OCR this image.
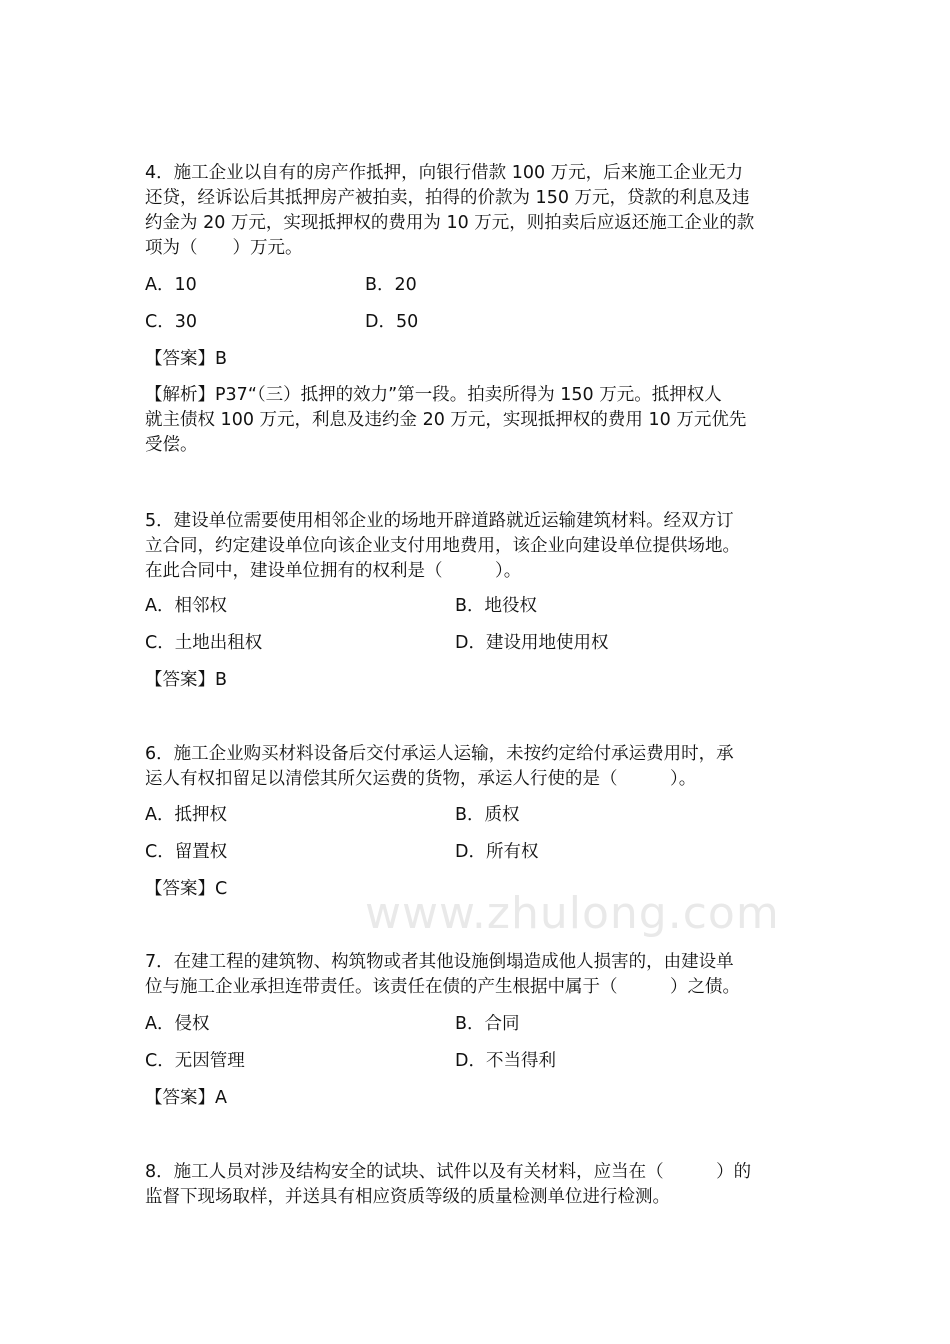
www.zhulong.com
4．施工企业以自有的房产作抵押，向银行借款 100 万元，后来施工企业无力
还贷，经诉讼后其抵押房产被拍卖，拍得的价款为 150 万元，贷款的利息及违
约金为 20 万元，实现抵押权的费用为 10 万元，则拍卖后应返还施工企业的款
项为（　　）万元。
A．10	B．20
C．30	D．50
【答案】B
【解析】P37“（三）抵押的效力”第一段。拍卖所得为 150 万元。抵押权人
就主债权 100 万元，利息及违约金 20 万元，实现抵押权的费用 10 万元优先
受偿。
5．建设单位需要使用相邻企业的场地开辟道路就近运输建筑材料。经双方订
立合同，约定建设单位向该企业支付用地费用，该企业向建设单位提供场地。
在此合同中，建设单位拥有的权利是（　　　）。
A．相邻权	B．地役权
C．土地出租权	D．建设用地使用权
【答案】B
6．施工企业购买材料设备后交付承运人运输，未按约定给付承运费用时，承
运人有权扣留足以清偿其所欠运费的货物，承运人行使的是（　　　）。
A．抵押权	B．质权
C．留置权	D．所有权
【答案】C
7．在建工程的建筑物、构筑物或者其他设施倒塌造成他人损害的，由建设单
位与施工企业承担连带责任。该责任在债的产生根据中属于（　　　）之债。
A．侵权	B．合同
C．无因管理	D．不当得利
【答案】A
8．施工人员对涉及结构安全的试块、试件以及有关材料，应当在（　　　）的
监督下现场取样，并送具有相应资质等级的质量检测单位进行检测。
